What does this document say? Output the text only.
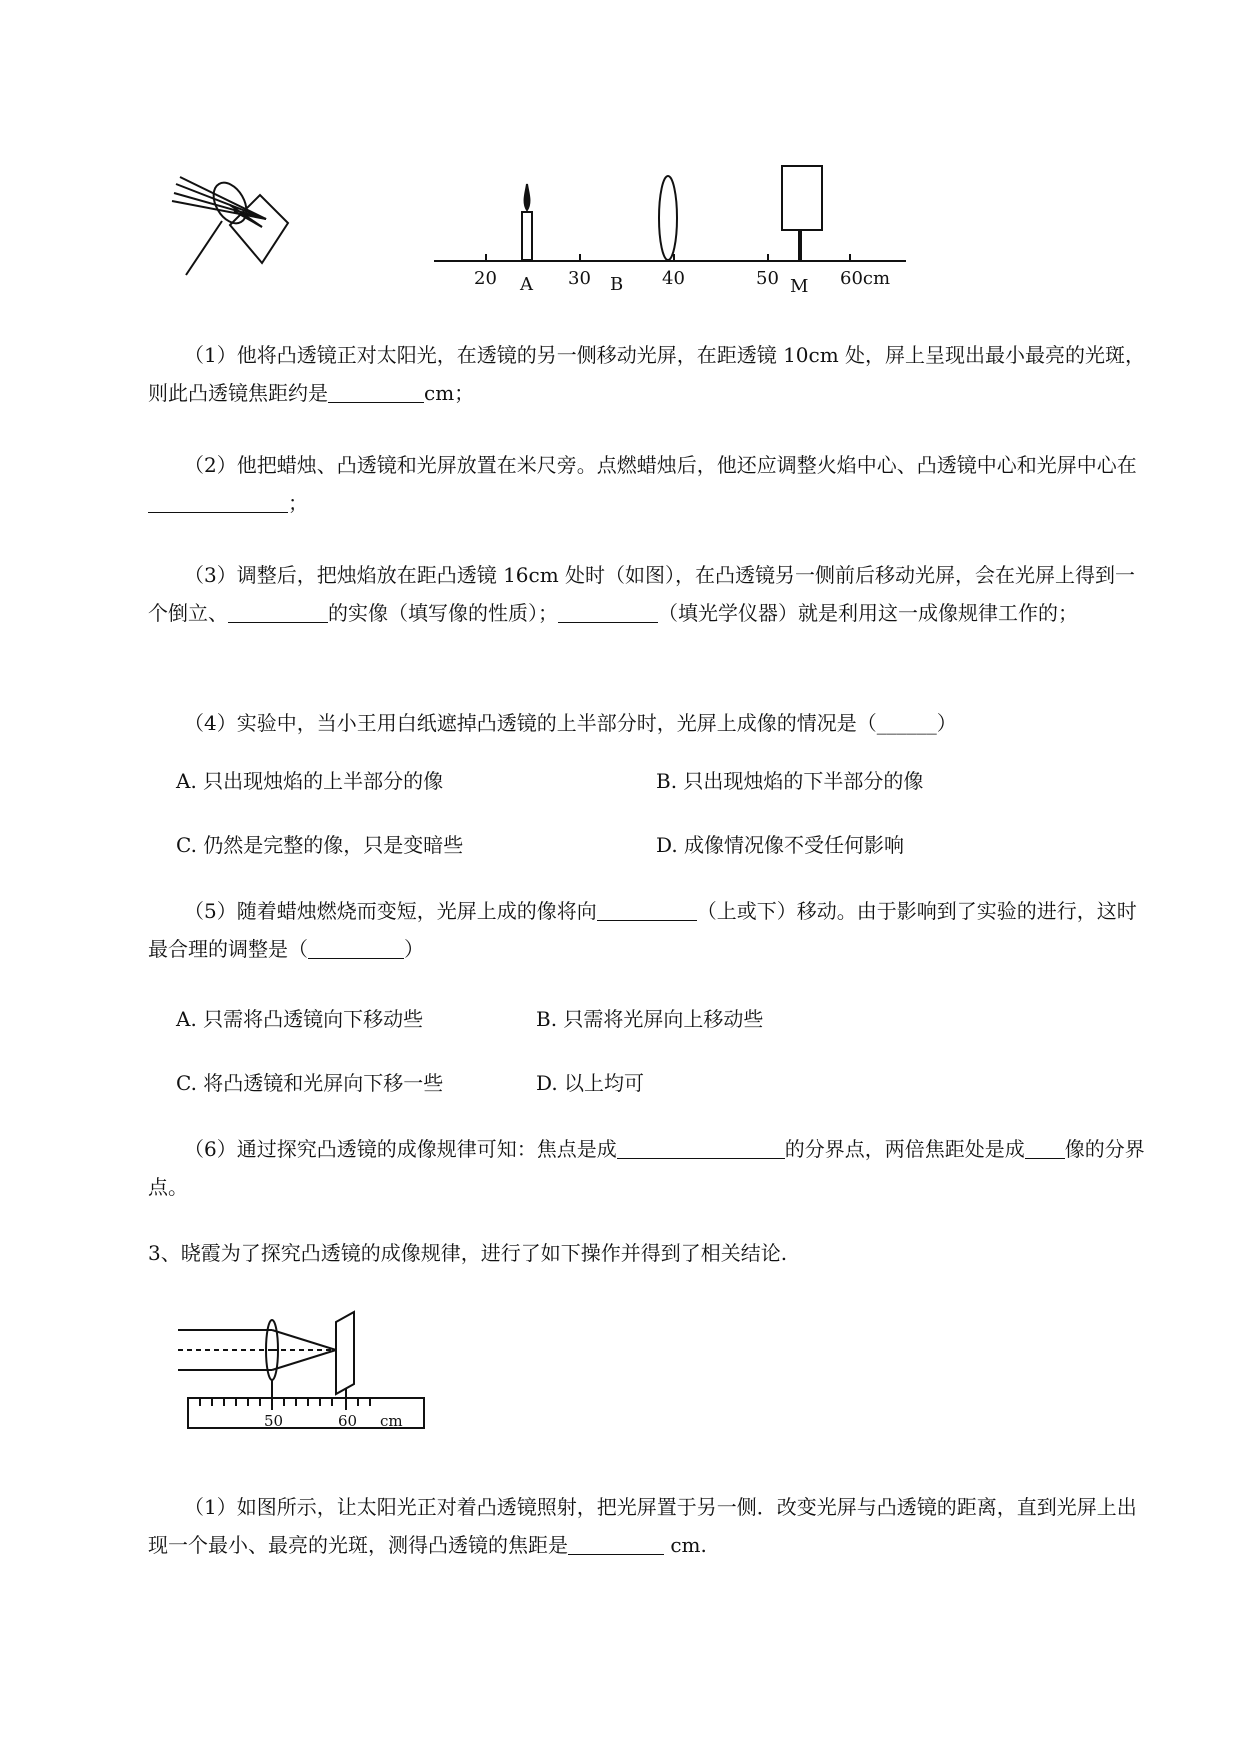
20	30	40	50	60cm
A	B	M
（1）他将凸透镜正对太阳光，在透镜的另一侧移动光屏，在距透镜 10cm 处，屏上呈现出最小最亮的光斑，则此凸透镜焦距约是	cm；
（2）他把蜡烛、凸透镜和光屏放置在米尺旁。点燃蜡烛后，他还应调整火焰中心、凸透镜中心和光屏中心在；
（3）调整后，把烛焰放在距凸透镜 16cm 处时（如图），在凸透镜另一侧前后移动光屏，会在光屏上得到一个倒立、	的实像（填写像的性质）；	（填光学仪器）就是利用这一成像规律工作的；
（4）实验中，当小王用白纸遮掉凸透镜的上半部分时，光屏上成像的情况是（______）
A. 只出现烛焰的上半部分的像	B. 只出现烛焰的下半部分的像
C. 仍然是完整的像，只是变暗些	D. 成像情况像不受任何影响
（5）随着蜡烛燃烧而变短，光屏上成的像将向	（上或下）移动。由于影响到了实验的进行，这时最合理的调整是（	）
A. 只需将凸透镜向下移动些	B. 只需将光屏向上移动些
C. 将凸透镜和光屏向下移一些	D. 以上均可
（6）通过探究凸透镜的成像规律可知：焦点是成	的分界点，两倍焦距处是成 像的分界点。
3、晓霞为了探究凸透镜的成像规律，进行了如下操作并得到了相关结论.
50	60 cm
（1）如图所示，让太阳光正对着凸透镜照射，把光屏置于另一侧．改变光屏与凸透镜的距离，直到光屏上出现一个最小、最亮的光斑，测得凸透镜的焦距是	cm.
